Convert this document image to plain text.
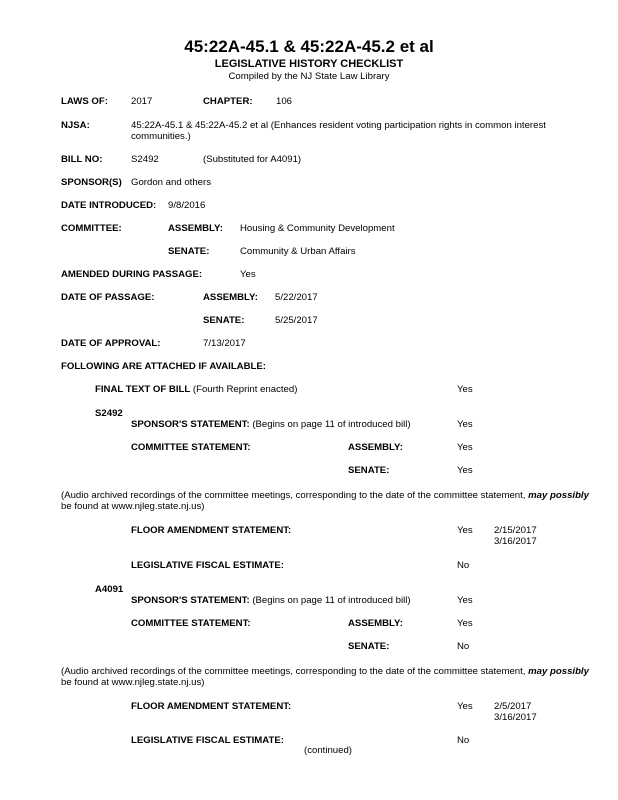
45:22A-45.1 & 45:22A-45.2 et al
LEGISLATIVE HISTORY CHECKLIST
Compiled by the NJ State Law Library
LAWS OF: 2017	CHAPTER: 106
NJSA:	45:22A-45.1 & 45:22A-45.2 et al (Enhances resident voting participation rights in common interest
communities.)
BILL NO:	S2492	(Substituted for A4091)
SPONSOR(S) Gordon and others
DATE INTRODUCED: 9/8/2016
COMMITTEE:	ASSEMBLY: Housing & Community Development
SENATE:	Community & Urban Affairs
AMENDED DURING PASSAGE:	Yes
DATE OF PASSAGE:	ASSEMBLY: 5/22/2017
SENATE:	5/25/2017
DATE OF APPROVAL:	7/13/2017
FOLLOWING ARE ATTACHED IF AVAILABLE:
FINAL TEXT OF BILL (Fourth Reprint enacted)	Yes
S2492
SPONSOR'S STATEMENT: (Begins on page 11 of introduced bill)	Yes
COMMITTEE STATEMENT:	ASSEMBLY:	Yes
SENATE:	Yes
(Audio archived recordings of the committee meetings, corresponding to the date of the committee statement, may possibly
be found at www.njleg.state.nj.us)
FLOOR AMENDMENT STATEMENT:	Yes 2/15/2017
3/16/2017
LEGISLATIVE FISCAL ESTIMATE:	No
A4091
SPONSOR'S STATEMENT: (Begins on page 11 of introduced bill)	Yes
COMMITTEE STATEMENT:	ASSEMBLY:	Yes
SENATE:	No
(Audio archived recordings of the committee meetings, corresponding to the date of the committee statement, may possibly
be found at www.njleg.state.nj.us)
FLOOR AMENDMENT STATEMENT:	Yes 2/5/2017
3/16/2017
LEGISLATIVE FISCAL ESTIMATE:	No
(continued)
